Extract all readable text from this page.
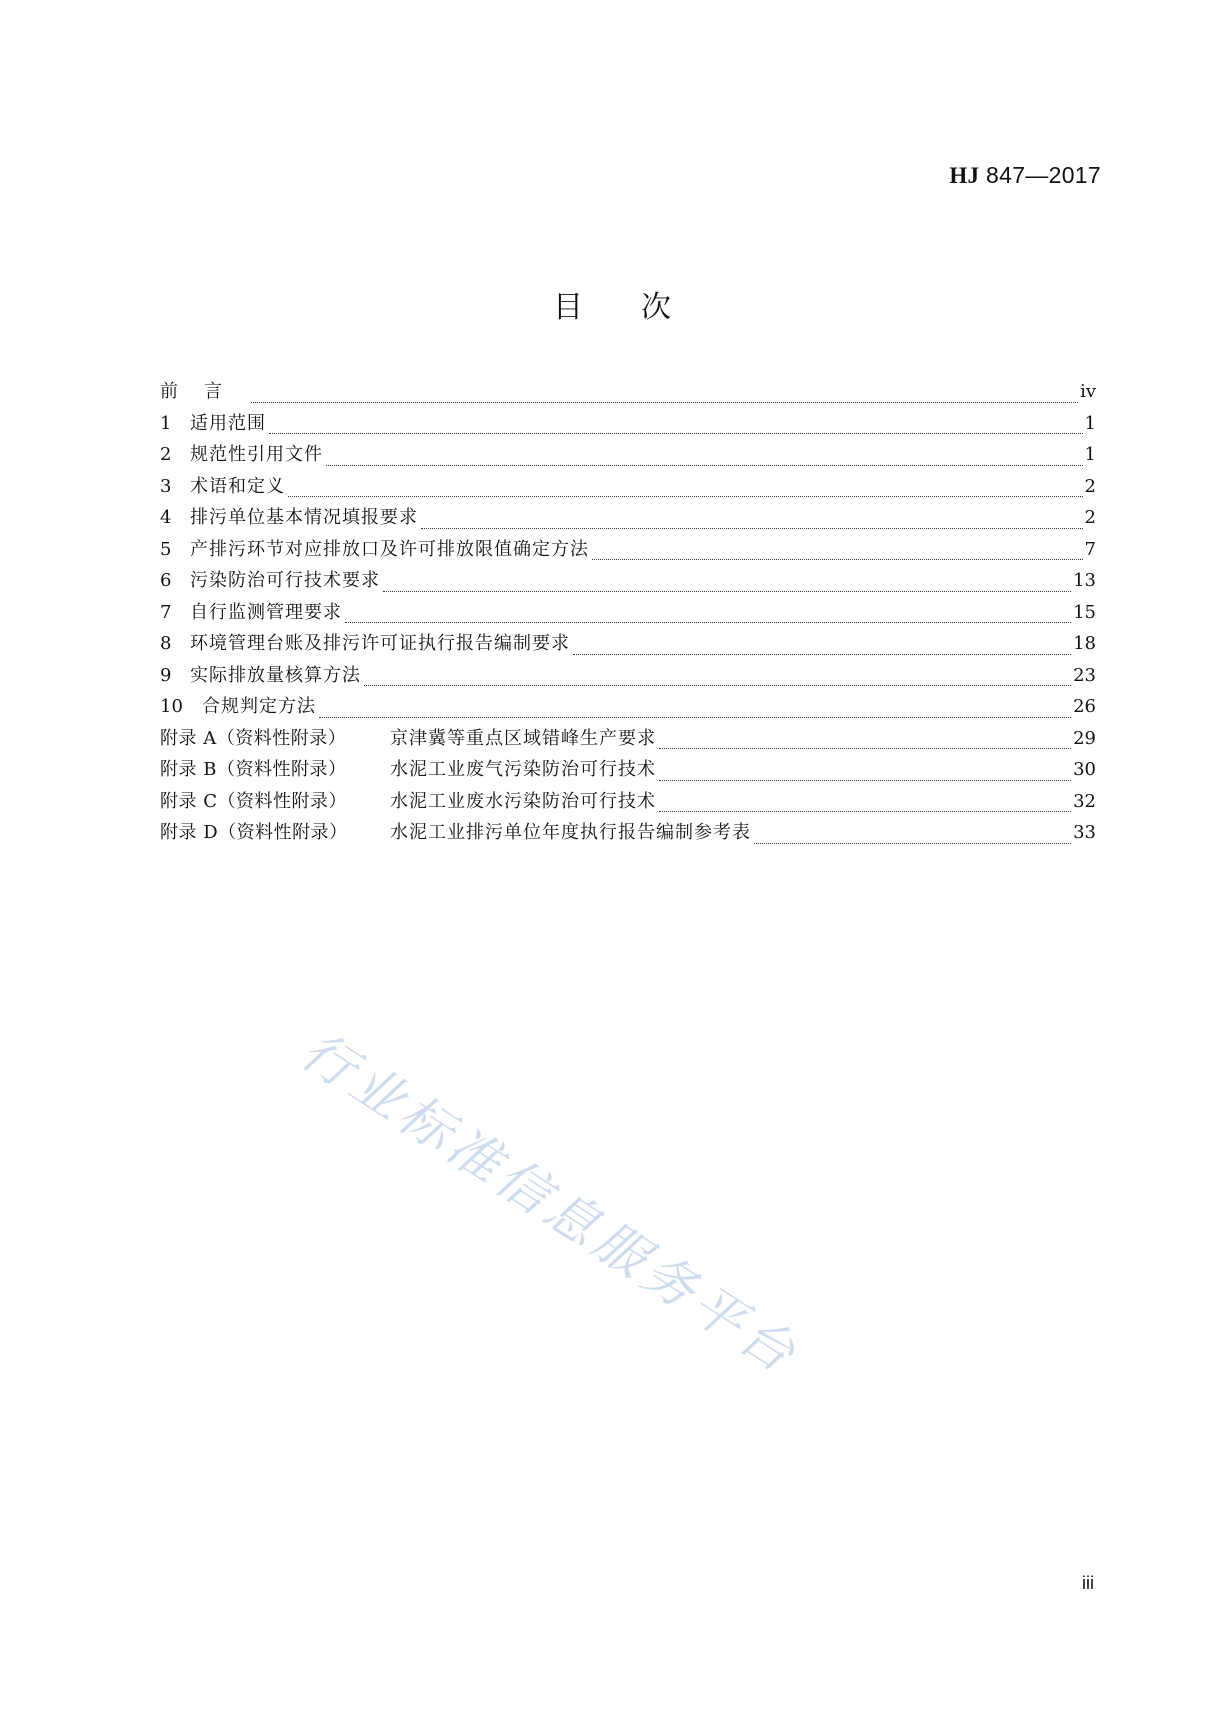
HJ 847—2017
目 次
前言	iv
1	适用范围	1
2	规范性引用文件	1
3	术语和定义	2
4	排污单位基本情况填报要求	2
5	产排污环节对应排放口及许可排放限值确定方法	7
6	污染防治可行技术要求	13
7	自行监测管理要求	15
8	环境管理台账及排污许可证执行报告编制要求	18
9	实际排放量核算方法	23
10	合规判定方法	26
附录 A（资料性附录）	京津冀等重点区域错峰生产要求	29
附录 B（资料性附录）	水泥工业废气污染防治可行技术	30
附录 C（资料性附录）	水泥工业废水污染防治可行技术	32
附录 D（资料性附录）	水泥工业排污单位年度执行报告编制参考表	33
行业标准信息服务平台
iii
